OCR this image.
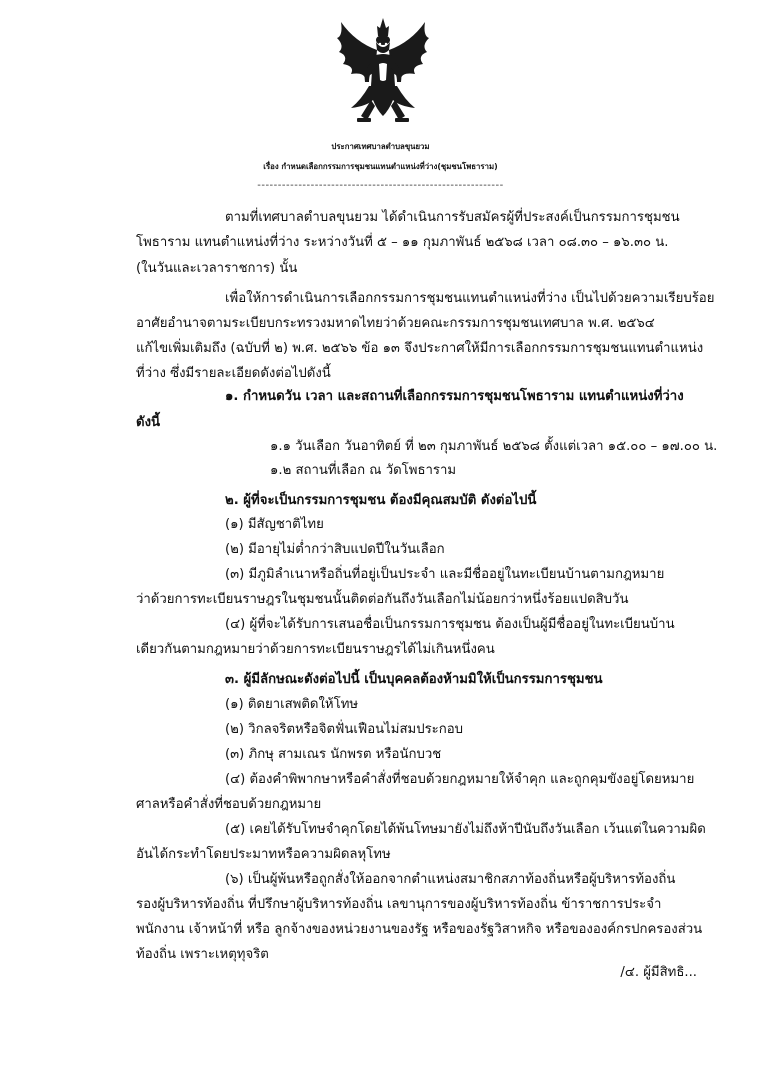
ประกาศเทศบาลตำบลขุนยวม
เรื่อง กำหนดเลือกกรรมการชุมชนแทนตำแหน่งที่ว่าง(ชุมชนโพธาราม)
------------------------------------------------------------
ตามที่เทศบาลตำบลขุนยวม ได้ดำเนินการรับสมัครผู้ที่ประสงค์เป็นกรรมการชุมชน
โพธาราม แทนตำแหน่งที่ว่าง ระหว่างวันที่ ๕ – ๑๑ กุมภาพันธ์ ๒๕๖๘ เวลา ๐๘.๓๐ – ๑๖.๓๐ น.
(ในวันและเวลาราชการ) นั้น
เพื่อให้การดำเนินการเลือกกรรมการชุมชนแทนตำแหน่งที่ว่าง เป็นไปด้วยความเรียบร้อย
อาศัยอำนาจตามระเบียบกระทรวงมหาดไทยว่าด้วยคณะกรรมการชุมชนเทศบาล พ.ศ. ๒๕๖๔
แก้ไขเพิ่มเติมถึง (ฉบับที่ ๒) พ.ศ. ๒๕๖๖ ข้อ ๑๓ จึงประกาศให้มีการเลือกกรรมการชุมชนแทนตำแหน่ง
ที่ว่าง ซึ่งมีรายละเอียดดังต่อไปดังนี้
๑. กำหนดวัน เวลา และสถานที่เลือกกรรมการชุมชนโพธาราม แทนตำแหน่งที่ว่าง
ดังนี้
๑.๑ วันเลือก วันอาทิตย์ ที่ ๒๓ กุมภาพันธ์ ๒๕๖๘ ตั้งแต่เวลา ๑๕.๐๐ – ๑๗.๐๐ น.
๑.๒ สถานที่เลือก ณ วัดโพธาราม
๒. ผู้ที่จะเป็นกรรมการชุมชน ต้องมีคุณสมบัติ ดังต่อไปนี้
(๑) มีสัญชาติไทย
(๒) มีอายุไม่ต่ำกว่าสิบแปดปีในวันเลือก
(๓) มีภูมิลำเนาหรือถิ่นที่อยู่เป็นประจำ และมีชื่ออยู่ในทะเบียนบ้านตามกฎหมาย
ว่าด้วยการทะเบียนราษฎรในชุมชนนั้นติดต่อกันถึงวันเลือกไม่น้อยกว่าหนึ่งร้อยแปดสิบวัน
(๔) ผู้ที่จะได้รับการเสนอชื่อเป็นกรรมการชุมชน ต้องเป็นผู้มีชื่ออยู่ในทะเบียนบ้าน
เดียวกันตามกฎหมายว่าด้วยการทะเบียนราษฎรได้ไม่เกินหนึ่งคน
๓. ผู้มีลักษณะดังต่อไปนี้ เป็นบุคคลต้องห้ามมิให้เป็นกรรมการชุมชน
(๑) ติดยาเสพติดให้โทษ
(๒) วิกลจริตหรือจิตฟั่นเฟือนไม่สมประกอบ
(๓) ภิกษุ สามเณร นักพรต หรือนักบวช
(๔) ต้องคำพิพากษาหรือคำสั่งที่ชอบด้วยกฎหมายให้จำคุก และถูกคุมขังอยู่โดยหมาย
ศาลหรือคำสั่งที่ชอบด้วยกฎหมาย
(๕) เคยได้รับโทษจำคุกโดยได้พ้นโทษมายังไม่ถึงห้าปีนับถึงวันเลือก เว้นแต่ในความผิด
อันได้กระทำโดยประมาทหรือความผิดลหุโทษ
(๖) เป็นผู้พ้นหรือถูกสั่งให้ออกจากตำแหน่งสมาชิกสภาท้องถิ่นหรือผู้บริหารท้องถิ่น
รองผู้บริหารท้องถิ่น ที่ปรึกษาผู้บริหารท้องถิ่น เลขานุการของผู้บริหารท้องถิ่น ข้าราชการประจำ
พนักงาน เจ้าหน้าที่ หรือ ลูกจ้างของหน่วยงานของรัฐ หรือของรัฐวิสาหกิจ หรือขององค์กรปกครองส่วน
ท้องถิ่น เพราะเหตุทุจริต
/๔. ผู้มีสิทธิ...
